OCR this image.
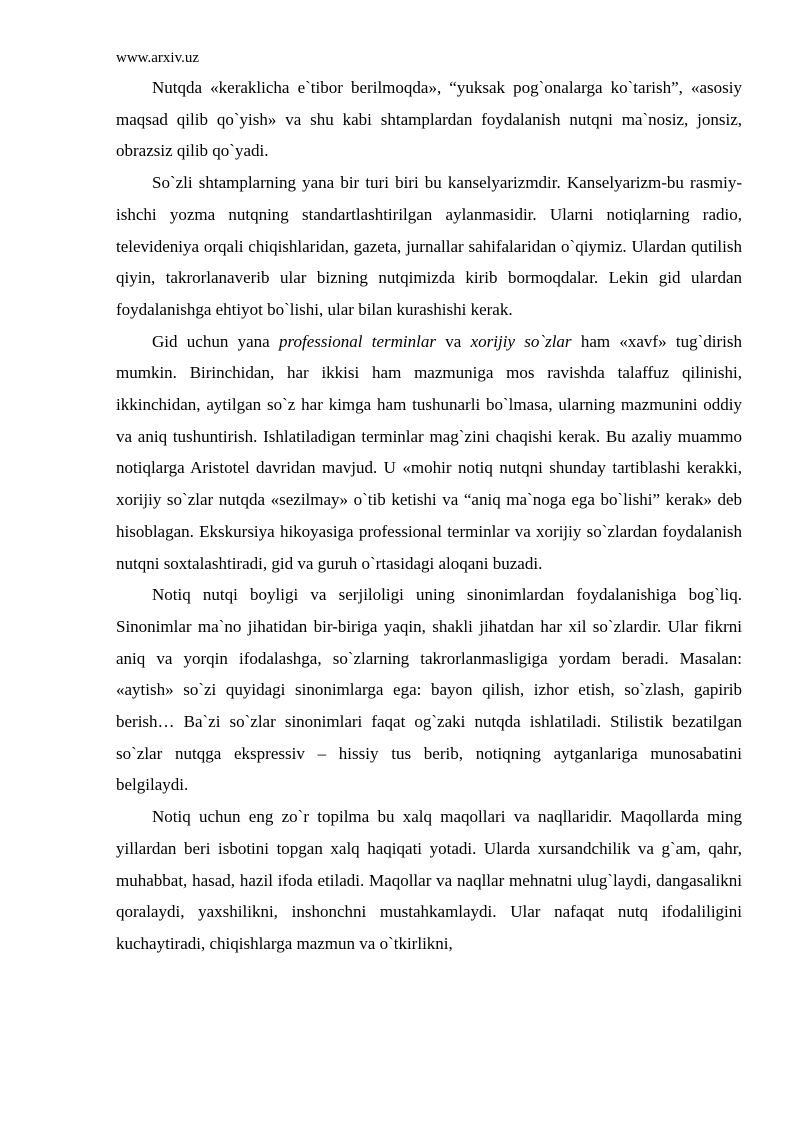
www.arxiv.uz

Nutqda «keraklicha e`tibor berilmoqda», “yuksak pog`onalarga ko`tarish”, «asosiy maqsad qilib qo`yish» va shu kabi shtamplardan foydalanish nutqni ma`nosiz, jonsiz, obrazsiz qilib qo`yadi.

So`zli shtamplarning yana bir turi biri bu kanselyarizmdir. Kanselyarizm-bu rasmiy- ishchi yozma nutqning standartlashtirilgan aylanmasidir. Ularni notiqlarning radio, televideniya orqali chiqishlaridan, gazeta, jurnallar sahifalaridan o`qiymiz. Ulardan qutilish qiyin, takrorlanaverib ular bizning nutqimizda kirib bormoqdalar. Lekin gid ulardan foydalanishga ehtiyot bo`lishi, ular bilan kurashishi kerak.

Gid uchun yana professional terminlar va xorijiy so`zlar ham «xavf» tug`dirish mumkin. Birinchidan, har ikkisi ham mazmuniga mos ravishda talaffuz qilinishi, ikkinchidan, aytilgan so`z har kimga ham tushunarli bo`lmasa, ularning mazmunini oddiy va aniq tushuntirish. Ishlatiladigan terminlar mag`zini chaqishi kerak. Bu azaliy muammo notiqlarga Aristotel davridan mavjud. U «mohir notiq nutqni shunday tartiblashi kerakki, xorijiy so`zlar nutqda «sezilmay» o`tib ketishi va “aniq ma`noga ega bo`lishi” kerak» deb hisoblagan. Ekskursiya hikoyasiga professional terminlar va xorijiy so`zlardan foydalanish nutqni soxtalashtiradi, gid va guruh o`rtasidagi aloqani buzadi.

Notiq nutqi boyligi va serjiloligi uning sinonimlardan foydalanishiga bog`liq. Sinonimlar ma`no jihatidan bir-biriga yaqin, shakli jihatdan har xil so`zlardir. Ular fikrni aniq va yorqin ifodalashga, so`zlarning takrorlanmasligiga yordam beradi. Masalan: «aytish» so`zi quyidagi sinonimlarga ega: bayon qilish, izhor etish, so`zlash, gapirib berish… Ba`zi so`zlar sinonimlari faqat og`zaki nutqda ishlatiladi. Stilistik bezatilgan so`zlar nutqga ekspressiv – hissiy tus berib, notiqning aytganlariga munosabatini belgilaydi.

Notiq uchun eng zo`r topilma bu xalq maqollari va naqllaridir. Maqollarda ming yillardan beri isbotini topgan xalq haqiqati yotadi. Ularda xursandchilik va g`am, qahr, muhabbat, hasad, hazil ifoda etiladi. Maqollar va naqllar mehnatni ulug`laydi, dangasalikni qoralaydi, yaxshilikni, inshonchni mustahkamlaydi. Ular nafaqat nutq ifodaliligini kuchaytiradi, chiqishlarga mazmun va o`tkirlikni,
